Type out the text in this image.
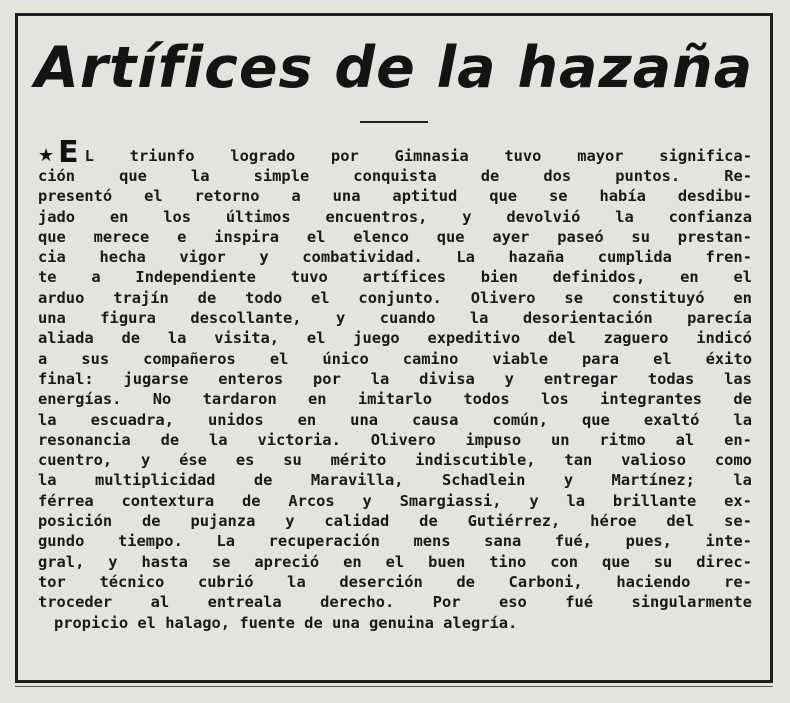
Artífices de la hazaña
★ E L triunfo logrado por Gimnasia tuvo mayor significa-
ción	que	la	simple	conquista	de	dos	puntos.	Re-
presentó el retorno a una aptitud que se había desdibu-
jado en los últimos encuentros, y devolvió la confianza
que merece e inspira el elenco que ayer paseó su prestan-
cia hecha vigor y combatividad. La hazaña cumplida fren-
te a Independiente tuvo artífices bien definidos, en el
arduo trajín de todo el conjunto. Olivero se constituyó en
una figura descollante, y cuando la desorientación parecía
aliada de la visita, el juego expeditivo del zaguero indicó
a sus compañeros el único camino viable para el éxito
final: jugarse enteros por la divisa y entregar todas las
energías. No tardaron en imitarlo todos los integrantes de
la escuadra, unidos en una causa común, que exaltó la
resonancia de la victoria. Olivero impuso un ritmo al en-
cuentro, y ése es su mérito indiscutible, tan valioso como
la multiplicidad de Maravilla, Schadlein y Martínez; la
férrea contextura de Arcos y Smargiassi, y la brillante ex-
posición de pujanza y calidad de Gutiérrez, héroe del se-
gundo tiempo. La recuperación mens sana fué, pues, inte-
gral, y hasta se apreció en el buen tino con que su direc-
tor técnico cubrió la deserción de Carboni, haciendo re-
troceder al entreala derecho. Por eso fué singularmente
propicio el halago, fuente de una genuina alegría.
